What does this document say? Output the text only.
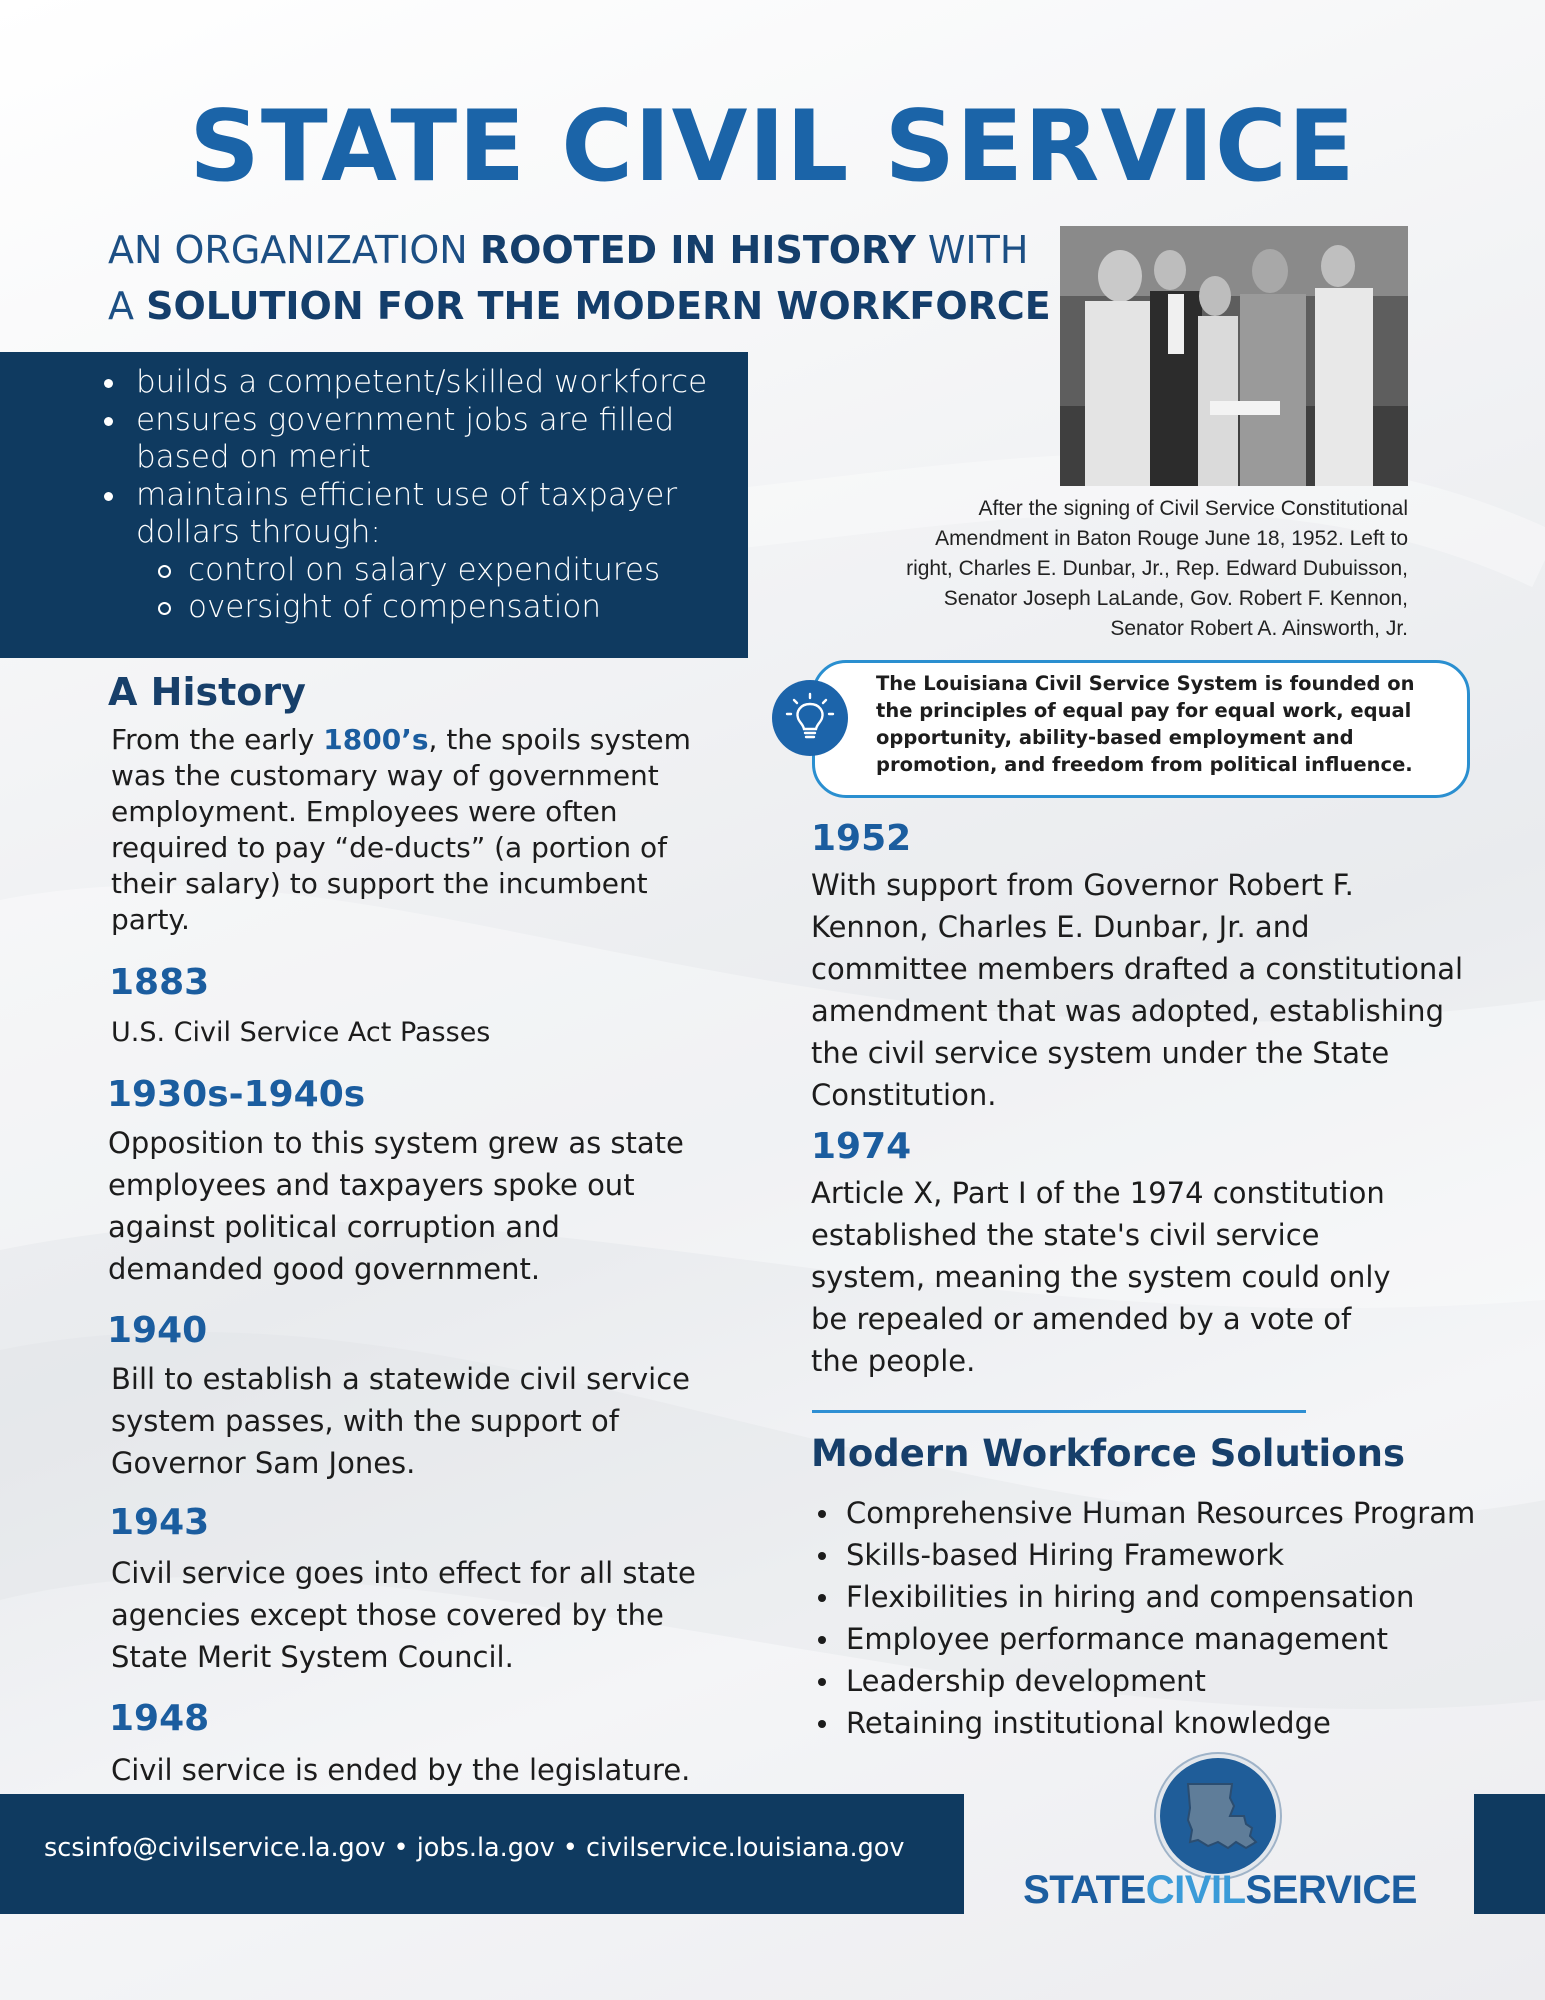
STATE CIVIL SERVICE
AN ORGANIZATION ROOTED IN HISTORY WITH
A SOLUTION FOR THE MODERN WORKFORCE
After the signing of Civil Service Constitutional
Amendment in Baton Rouge June 18, 1952. Left to
right, Charles E. Dunbar, Jr., Rep. Edward Dubuisson,
Senator Joseph LaLande, Gov. Robert F. Kennon,
Senator Robert A. Ainsworth, Jr.
builds a competent/skilled workforce
ensures government jobs are filled
based on merit
maintains efficient use of taxpayer
dollars through:
control on salary expenditures
oversight of compensation
The Louisiana Civil Service System is founded on
the principles of equal pay for equal work, equal
opportunity, ability-based employment and
promotion, and freedom from political influence.
A History
From the early 1800’s, the spoils system
was the customary way of government
employment. Employees were often
required to pay “de-ducts” (a portion of
their salary) to support the incumbent
party.
1883
U.S. Civil Service Act Passes
1930s-1940s
Opposition to this system grew as state
employees and taxpayers spoke out
against political corruption and
demanded good government.
1940
Bill to establish a statewide civil service
system passes, with the support of
Governor Sam Jones.
1943
Civil service goes into effect for all state
agencies except those covered by the
State Merit System Council.
1948
Civil service is ended by the legislature.
1952
With support from Governor Robert F.
Kennon, Charles E. Dunbar, Jr. and
committee members drafted a constitutional
amendment that was adopted, establishing
the civil service system under the State
Constitution.
1974
Article X, Part I of the 1974 constitution
established the state's civil service
system, meaning the system could only
be repealed or amended by a vote of
the people.
Modern Workforce Solutions
Comprehensive Human Resources Program
Skills-based Hiring Framework
Flexibilities in hiring and compensation
Employee performance management
Leadership development
Retaining institutional knowledge
scsinfo@civilservice.la.gov • jobs.la.gov • civilservice.louisiana.gov
STATECIVILSERVICE
